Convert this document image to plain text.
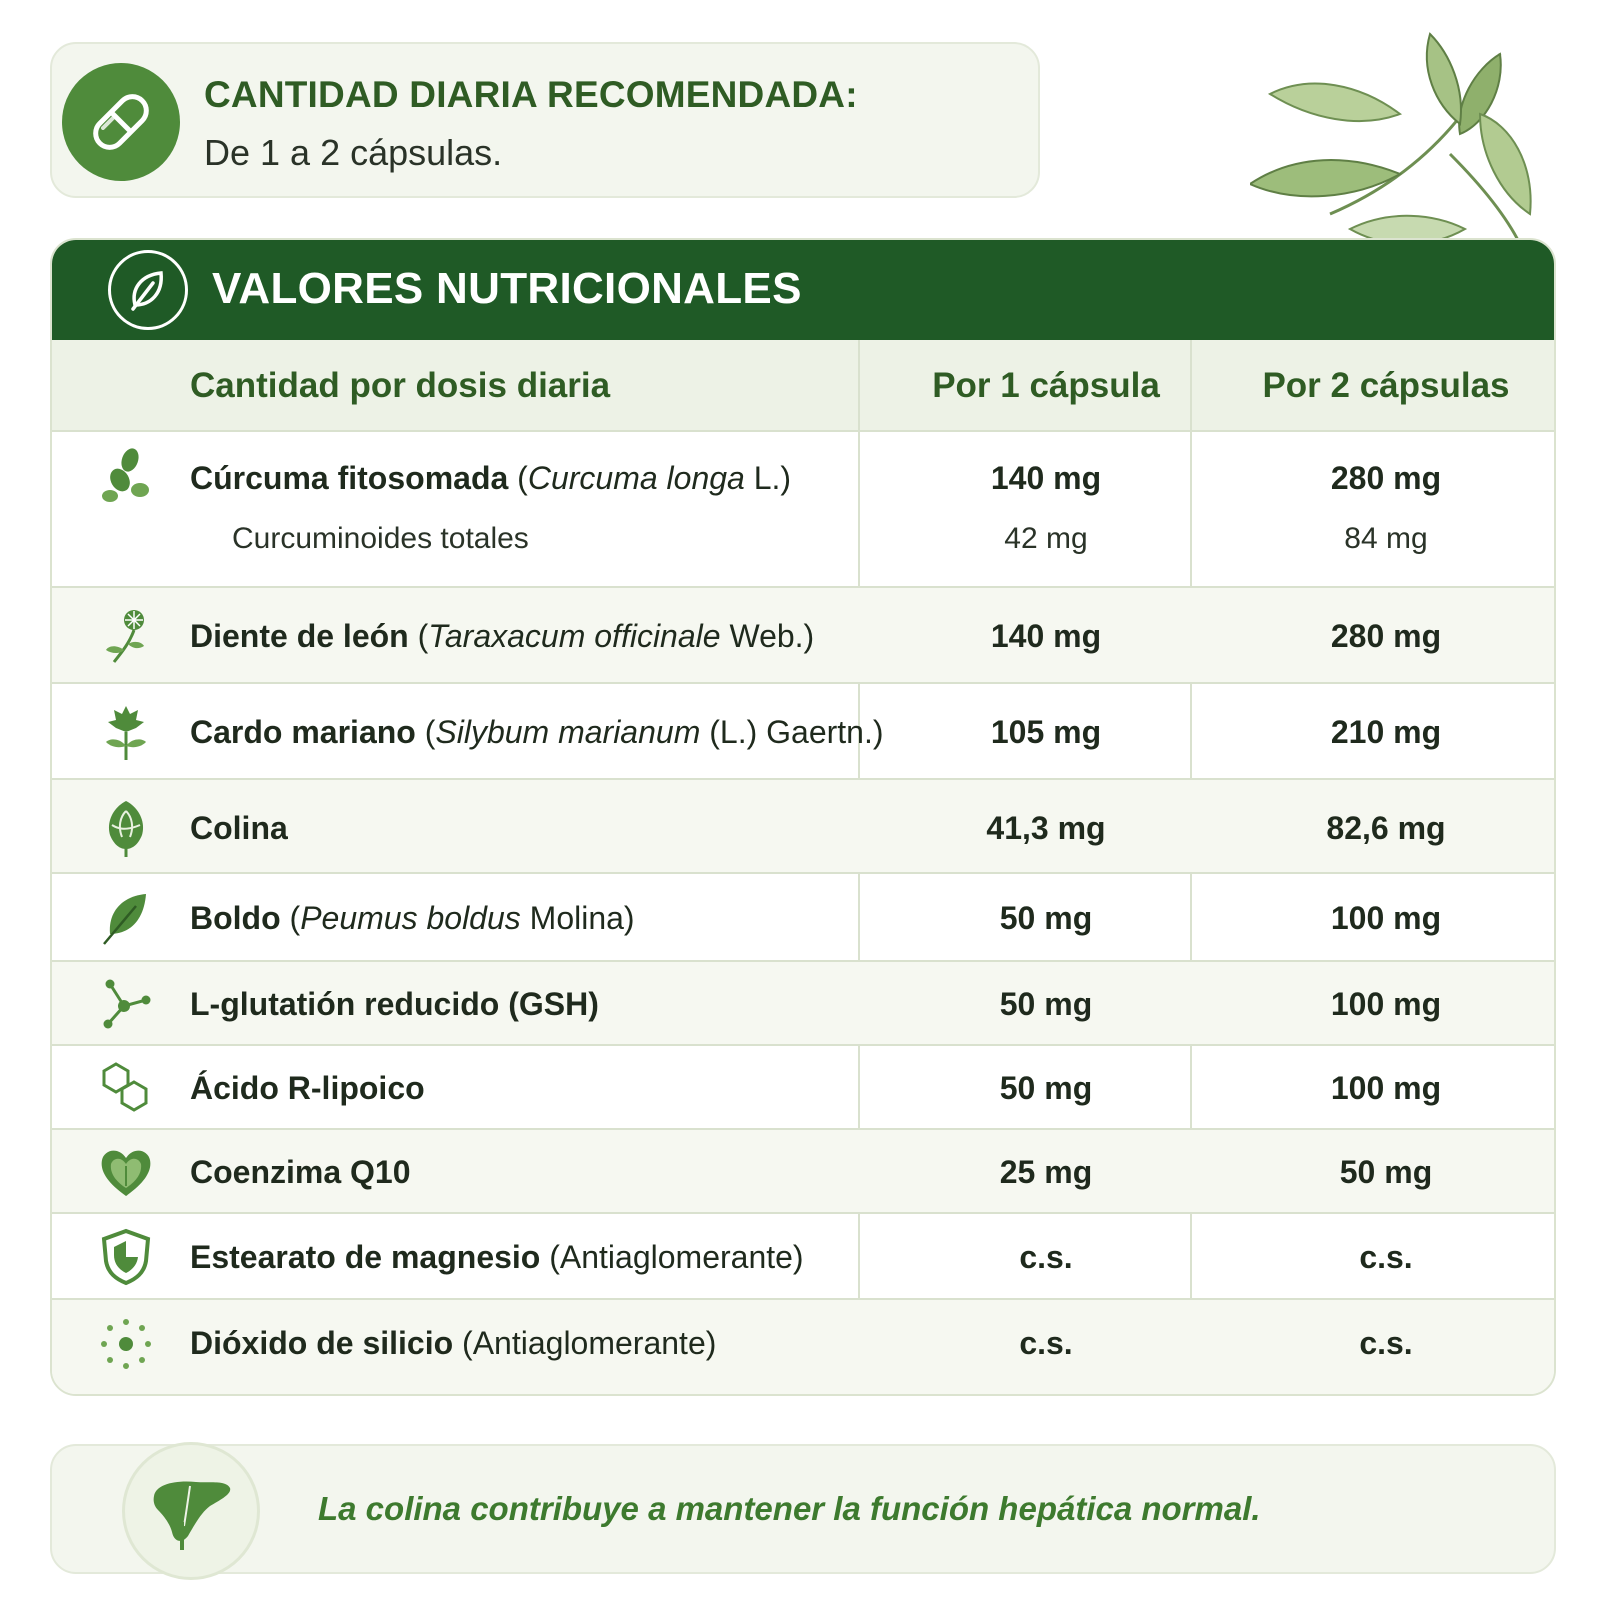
CANTIDAD DIARIA RECOMENDADA:
De 1 a 2 cápsulas.
VALORES NUTRICIONALES
Cantidad por dosis diaria	Por 1 cápsula	Por 2 cápsulas
Cúrcuma fitosomada (Curcuma longa L.)	140 mg	280 mg
Curcuminoides totales	42 mg	84 mg
Diente de león (Taraxacum officinale Web.)	140 mg	280 mg
Cardo mariano (Silybum marianum (L.) Gaertn.)	105 mg	210 mg
Colina	41,3 mg	82,6 mg
Boldo (Peumus boldus Molina)	50 mg	100 mg
L-glutatión reducido (GSH)	50 mg	100 mg
Ácido R-lipoico	50 mg	100 mg
Coenzima Q10	25 mg	50 mg
Estearato de magnesio (Antiaglomerante)	c.s.	c.s.
Dióxido de silicio (Antiaglomerante)	c.s.	c.s.
La colina contribuye a mantener la función hepática normal.
